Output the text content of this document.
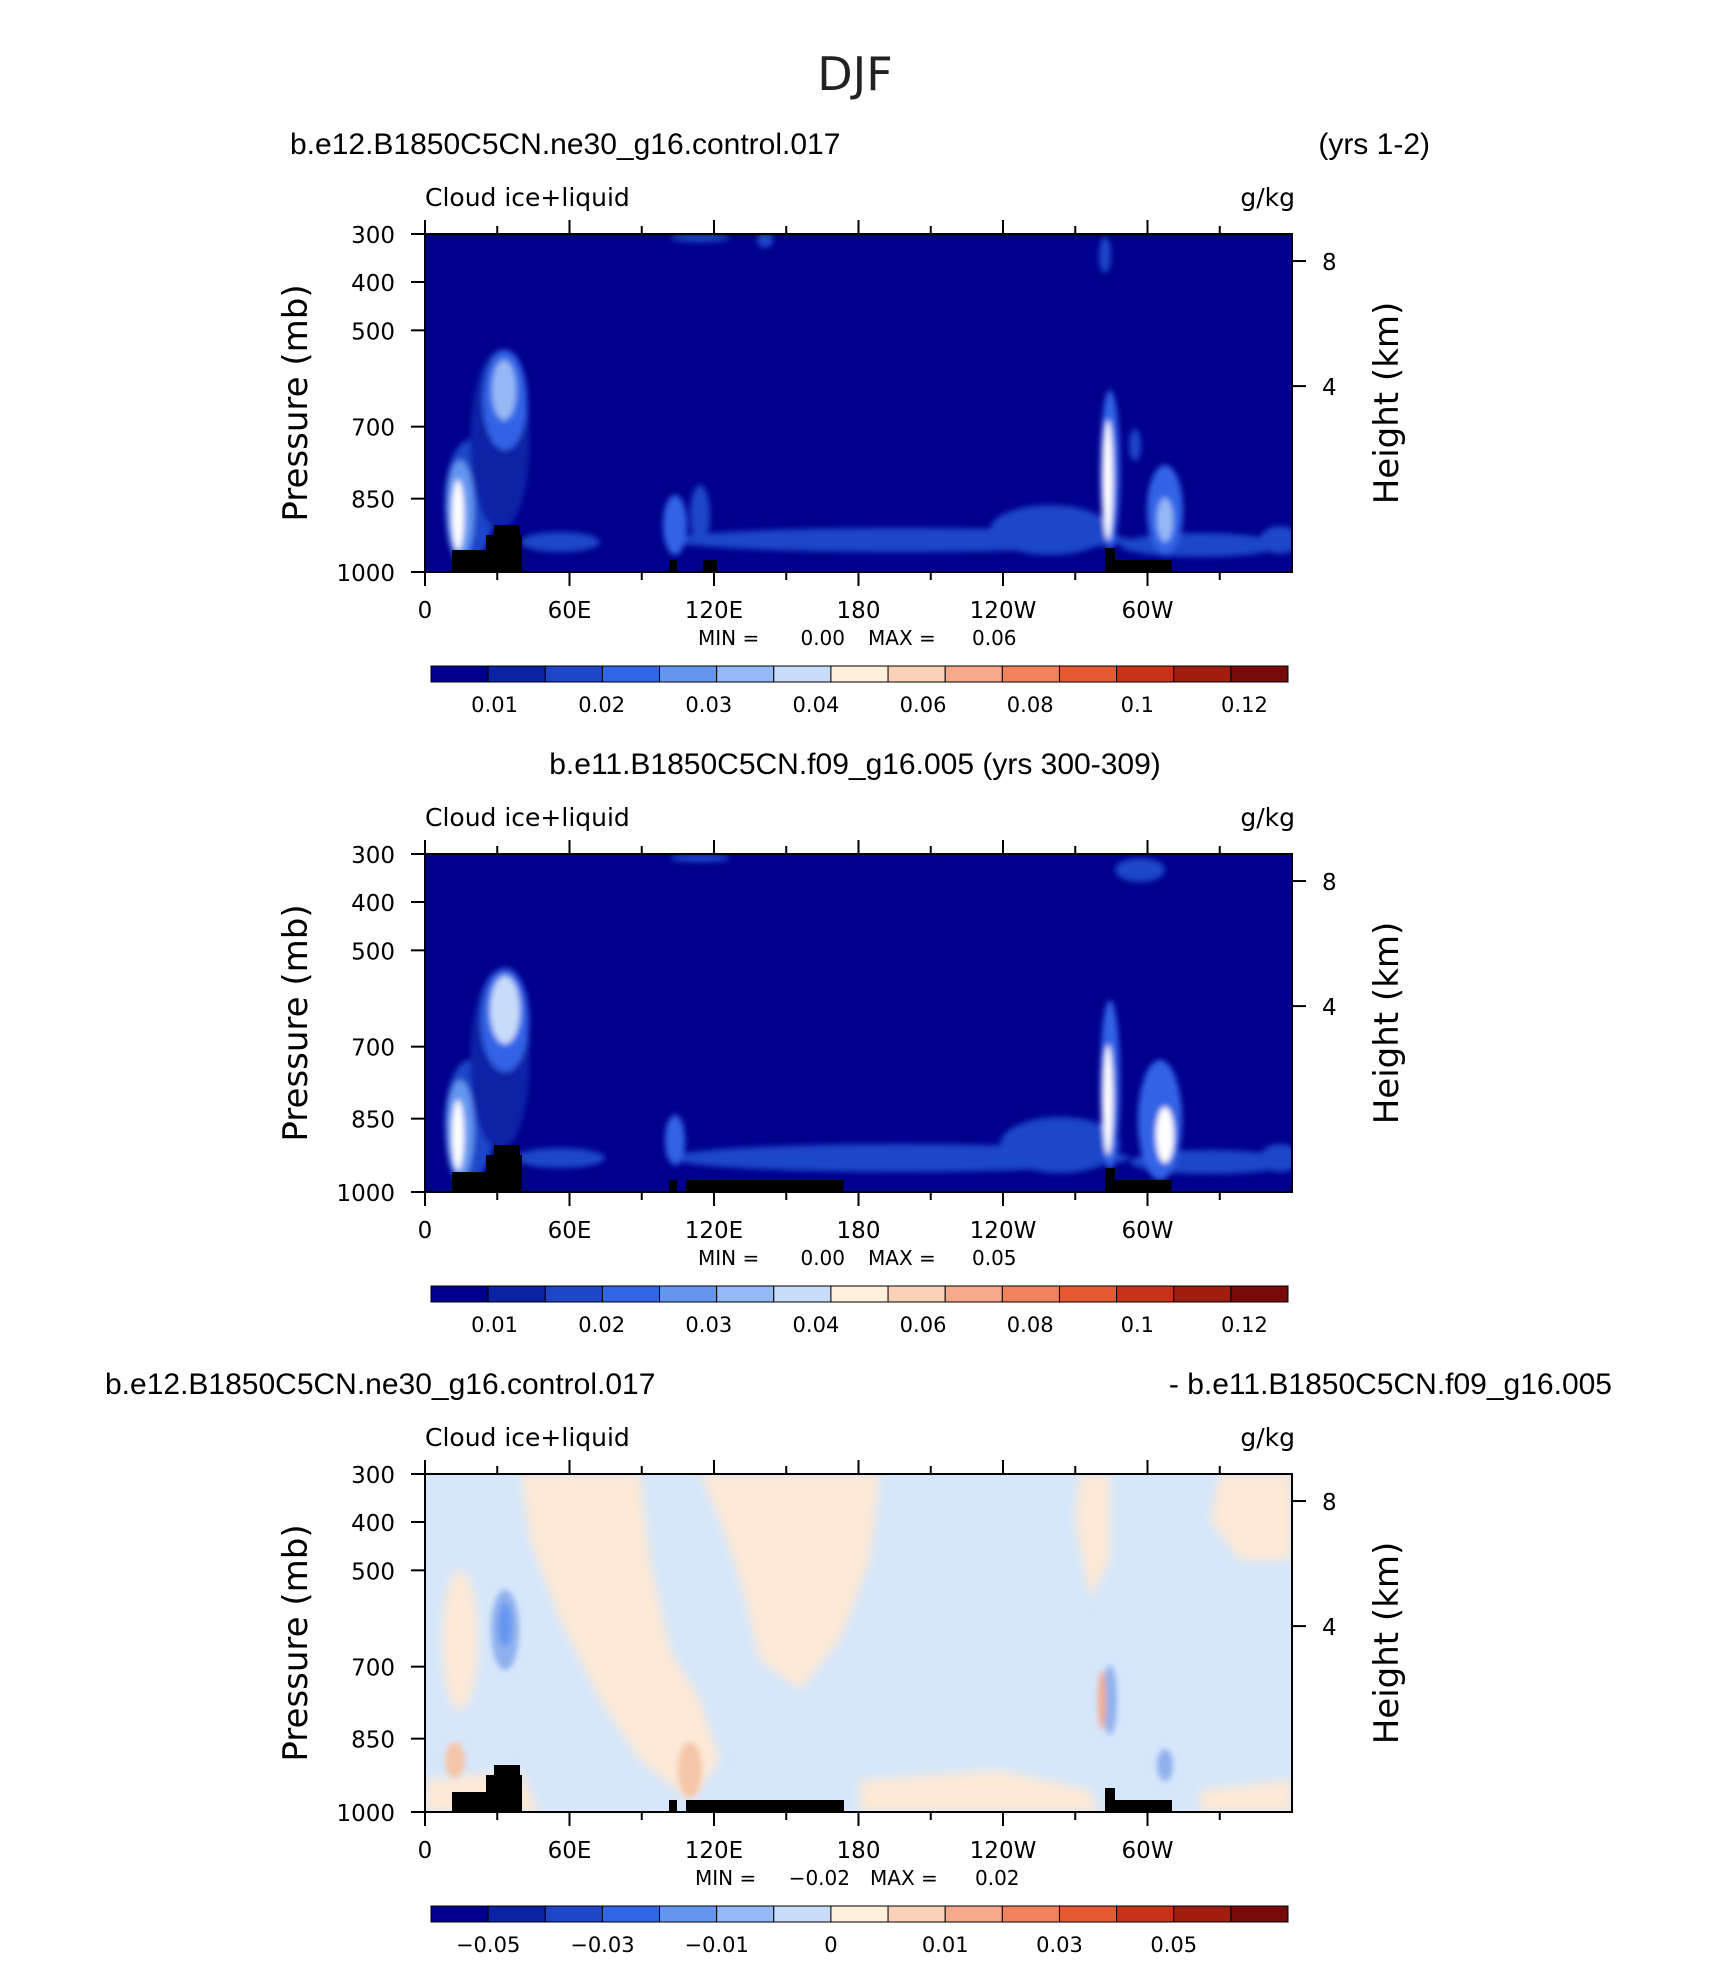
DJF
b.e12.B1850C5CN.ne30_g16.control.017	(yrs 1-2)
Cloud ice+liquid	g/kg
300
400
500
700
850
1000
8
4
0	60E	120E	180	120W	60W
Pressure (mb)	Height (km)
MIN = 0.00 MAX = 0.06
0.01	0.02	0.03	0.04	0.06	0.08	0.1	0.12
b.e11.B1850C5CN.f09_g16.005 (yrs 300-309)
Cloud ice+liquid	g/kg
300
400
500
700
850
1000
8
4
0	60E	120E	180	120W	60W
Pressure (mb)	Height (km)
MIN = 0.00 MAX = 0.05
0.01	0.02	0.03	0.04	0.06	0.08	0.1	0.12
b.e12.B1850C5CN.ne30_g16.control.017	- b.e11.B1850C5CN.f09_g16.005
Cloud ice+liquid	g/kg
300
400
500
700
850
1000
8
4
0	60E	120E	180	120W	60W
Pressure (mb)	Height (km)
MIN = −0.02 MAX = 0.02
−0.05 −0.03 −0.01	0	0.01	0.03	0.05
